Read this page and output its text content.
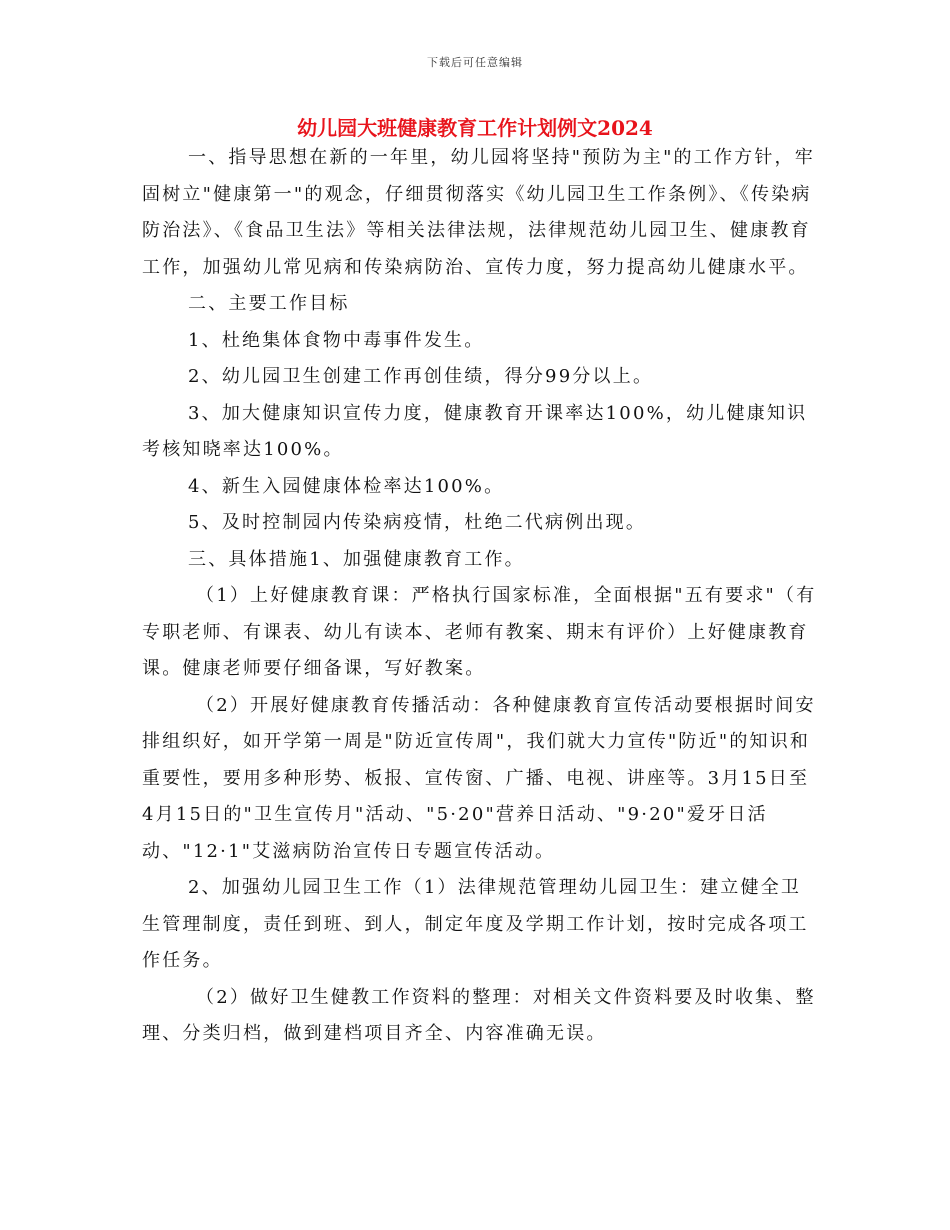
下载后可任意编辑
幼儿园大班健康教育工作计划例文2024

一、指导思想在新的一年里，幼儿园将坚持"预防为主"的工作方针，牢固树立"健康第一"的观念，仔细贯彻落实《幼儿园卫生工作条例》、《传染病防治法》、《食品卫生法》等相关法律法规，法律规范幼儿园卫生、健康教育工作，加强幼儿常见病和传染病防治、宣传力度，努力提高幼儿健康水平。

二、主要工作目标

1、杜绝集体食物中毒事件发生。

2、幼儿园卫生创建工作再创佳绩，得分99分以上。

3、加大健康知识宣传力度，健康教育开课率达100%，幼儿健康知识考核知晓率达100%。

4、新生入园健康体检率达100%。

5、及时控制园内传染病疫情，杜绝二代病例出现。

三、具体措施1、加强健康教育工作。

（1）上好健康教育课：严格执行国家标准，全面根据"五有要求"（有专职老师、有课表、幼儿有读本、老师有教案、期末有评价）上好健康教育课。健康老师要仔细备课，写好教案。

（2）开展好健康教育传播活动：各种健康教育宣传活动要根据时间安排组织好，如开学第一周是"防近宣传周"，我们就大力宣传"防近"的知识和重要性，要用多种形势、板报、宣传窗、广播、电视、讲座等。3月15日至4月15日的"卫生宣传月"活动、"5·20"营养日活动、"9·20"爱牙日活动、"12·1"艾滋病防治宣传日专题宣传活动。

2、加强幼儿园卫生工作（1）法律规范管理幼儿园卫生：建立健全卫生管理制度，责任到班、到人，制定年度及学期工作计划，按时完成各项工作任务。

（2）做好卫生健教工作资料的整理：对相关文件资料要及时收集、整理、分类归档，做到建档项目齐全、内容准确无误。
